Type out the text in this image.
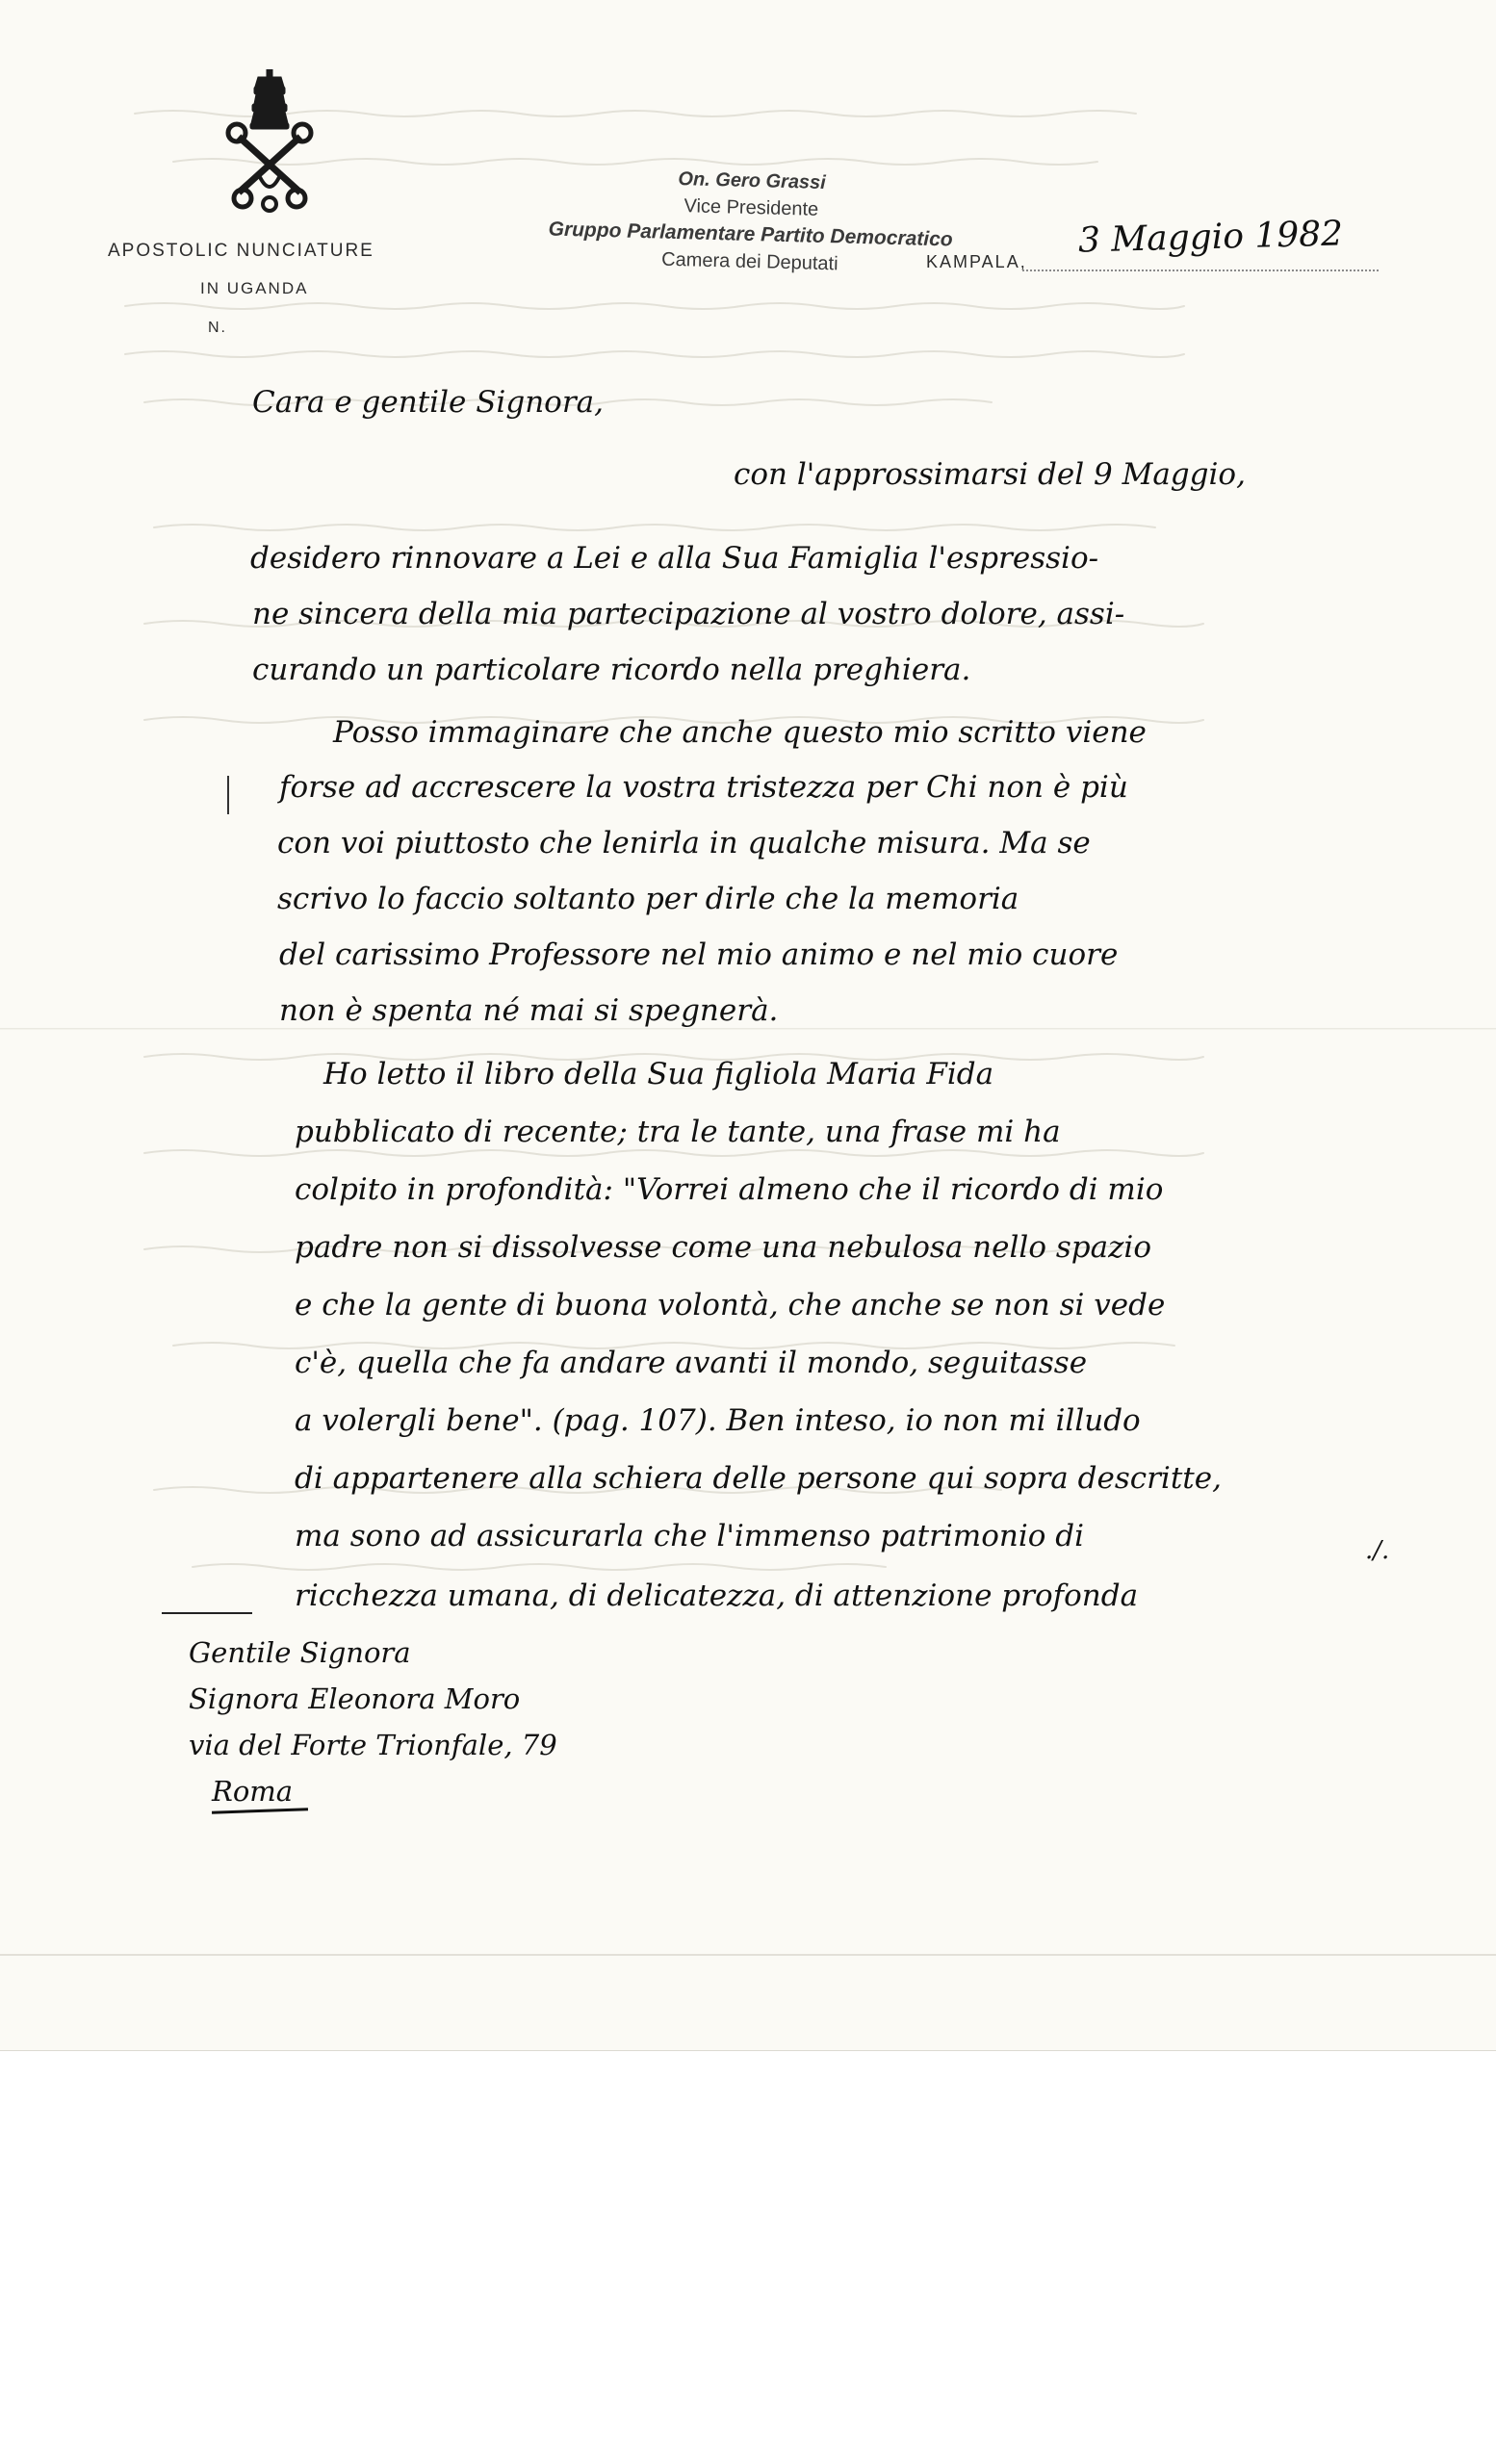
APOSTOLIC NUNCIATURE
IN UGANDA
N.
On. Gero Grassi
Vice Presidente
Gruppo Parlamentare Partito Democratico
Camera dei Deputati	KAMPALA,
3 Maggio 1982
Cara e gentile Signora,
con l'approssimarsi del 9 Maggio,
desidero rinnovare a Lei e alla Sua Famiglia l'espressio-
ne sincera della mia partecipazione al vostro dolore, assi-
curando un particolare ricordo nella preghiera.
Posso immaginare che anche questo mio scritto viene
forse ad accrescere la vostra tristezza per Chi non è più
con voi piuttosto che lenirla in qualche misura. Ma se
scrivo lo faccio soltanto per dirle che la memoria
del carissimo Professore nel mio animo e nel mio cuore
non è spenta né mai si spegnerà.
Ho letto il libro della Sua figliola Maria Fida
pubblicato di recente; tra le tante, una frase mi ha
colpito in profondità: "Vorrei almeno che il ricordo di mio
padre non si dissolvesse come una nebulosa nello spazio
e che la gente di buona volontà, che anche se non si vede
c'è, quella che fa andare avanti il mondo, seguitasse
a volergli bene". (pag. 107). Ben inteso, io non mi illudo
di appartenere alla schiera delle persone qui sopra descritte,
ma sono ad assicurarla che l'immenso patrimonio di
ricchezza umana, di delicatezza, di attenzione profonda
./.
Gentile Signora
Signora Eleonora Moro
via del Forte Trionfale, 79
Roma
